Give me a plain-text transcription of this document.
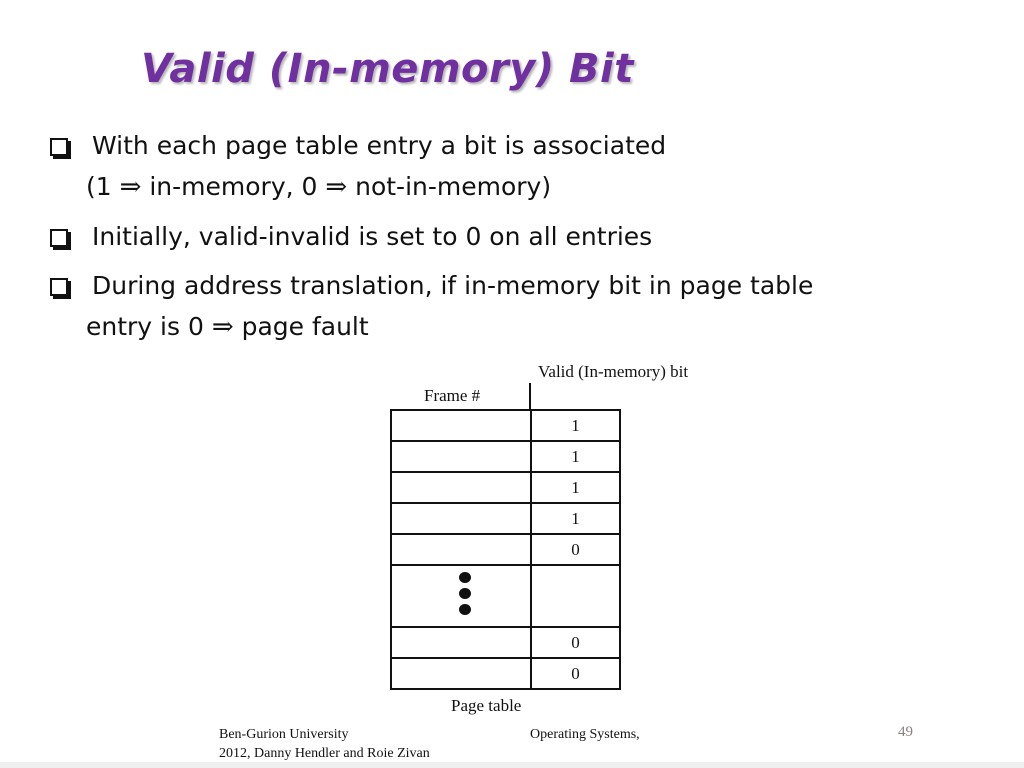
Valid (In-memory) Bit
With each page table entry a bit is associated
(1 ⇒ in-memory, 0 ⇒ not-in-memory)
Initially, valid-invalid is set to 0 on all entries
During address translation, if in-memory bit in page table
entry is 0 ⇒ page fault
Valid (In-memory) bit
Frame #
1
1
1
1
0
0
0
Page table
Ben-Gurion University	Operating Systems,
2012, Danny Hendler and Roie Zivan
49
